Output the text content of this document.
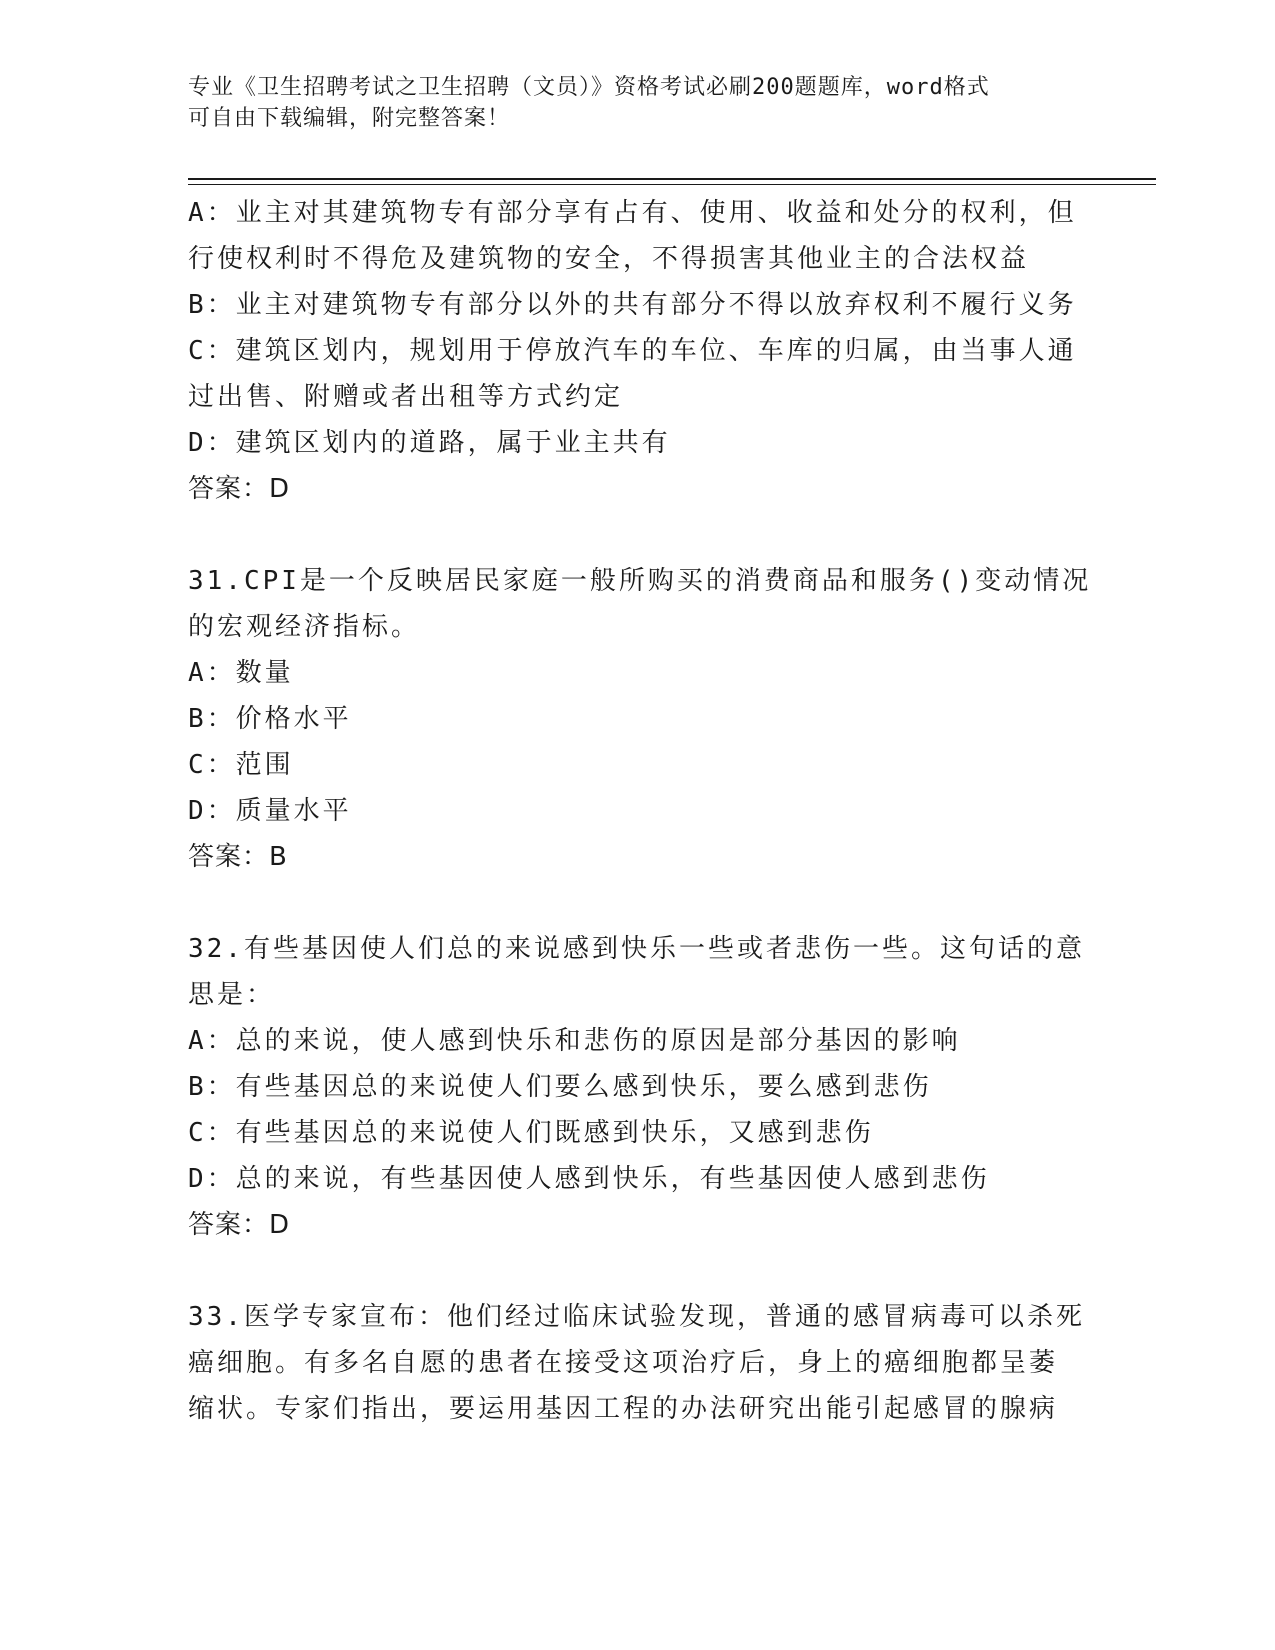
专业《卫生招聘考试之卫生招聘（文员）》资格考试必刷200题题库，word格式
可自由下载编辑，附完整答案！
A：业主对其建筑物专有部分享有占有、使用、收益和处分的权利，但
行使权利时不得危及建筑物的安全，不得损害其他业主的合法权益
B：业主对建筑物专有部分以外的共有部分不得以放弃权利不履行义务
C：建筑区划内，规划用于停放汽车的车位、车库的归属，由当事人通
过出售、附赠或者出租等方式约定
D：建筑区划内的道路，属于业主共有
答案：D
31.CPI是一个反映居民家庭一般所购买的消费商品和服务()变动情况
的宏观经济指标。
A：数量
B：价格水平
C：范围
D：质量水平
答案：B
32.有些基因使人们总的来说感到快乐一些或者悲伤一些。这句话的意
思是：
A：总的来说，使人感到快乐和悲伤的原因是部分基因的影响
B：有些基因总的来说使人们要么感到快乐，要么感到悲伤
C：有些基因总的来说使人们既感到快乐，又感到悲伤
D：总的来说，有些基因使人感到快乐，有些基因使人感到悲伤
答案：D
33.医学专家宣布：他们经过临床试验发现，普通的感冒病毒可以杀死
癌细胞。有多名自愿的患者在接受这项治疗后，身上的癌细胞都呈萎
缩状。专家们指出，要运用基因工程的办法研究出能引起感冒的腺病
